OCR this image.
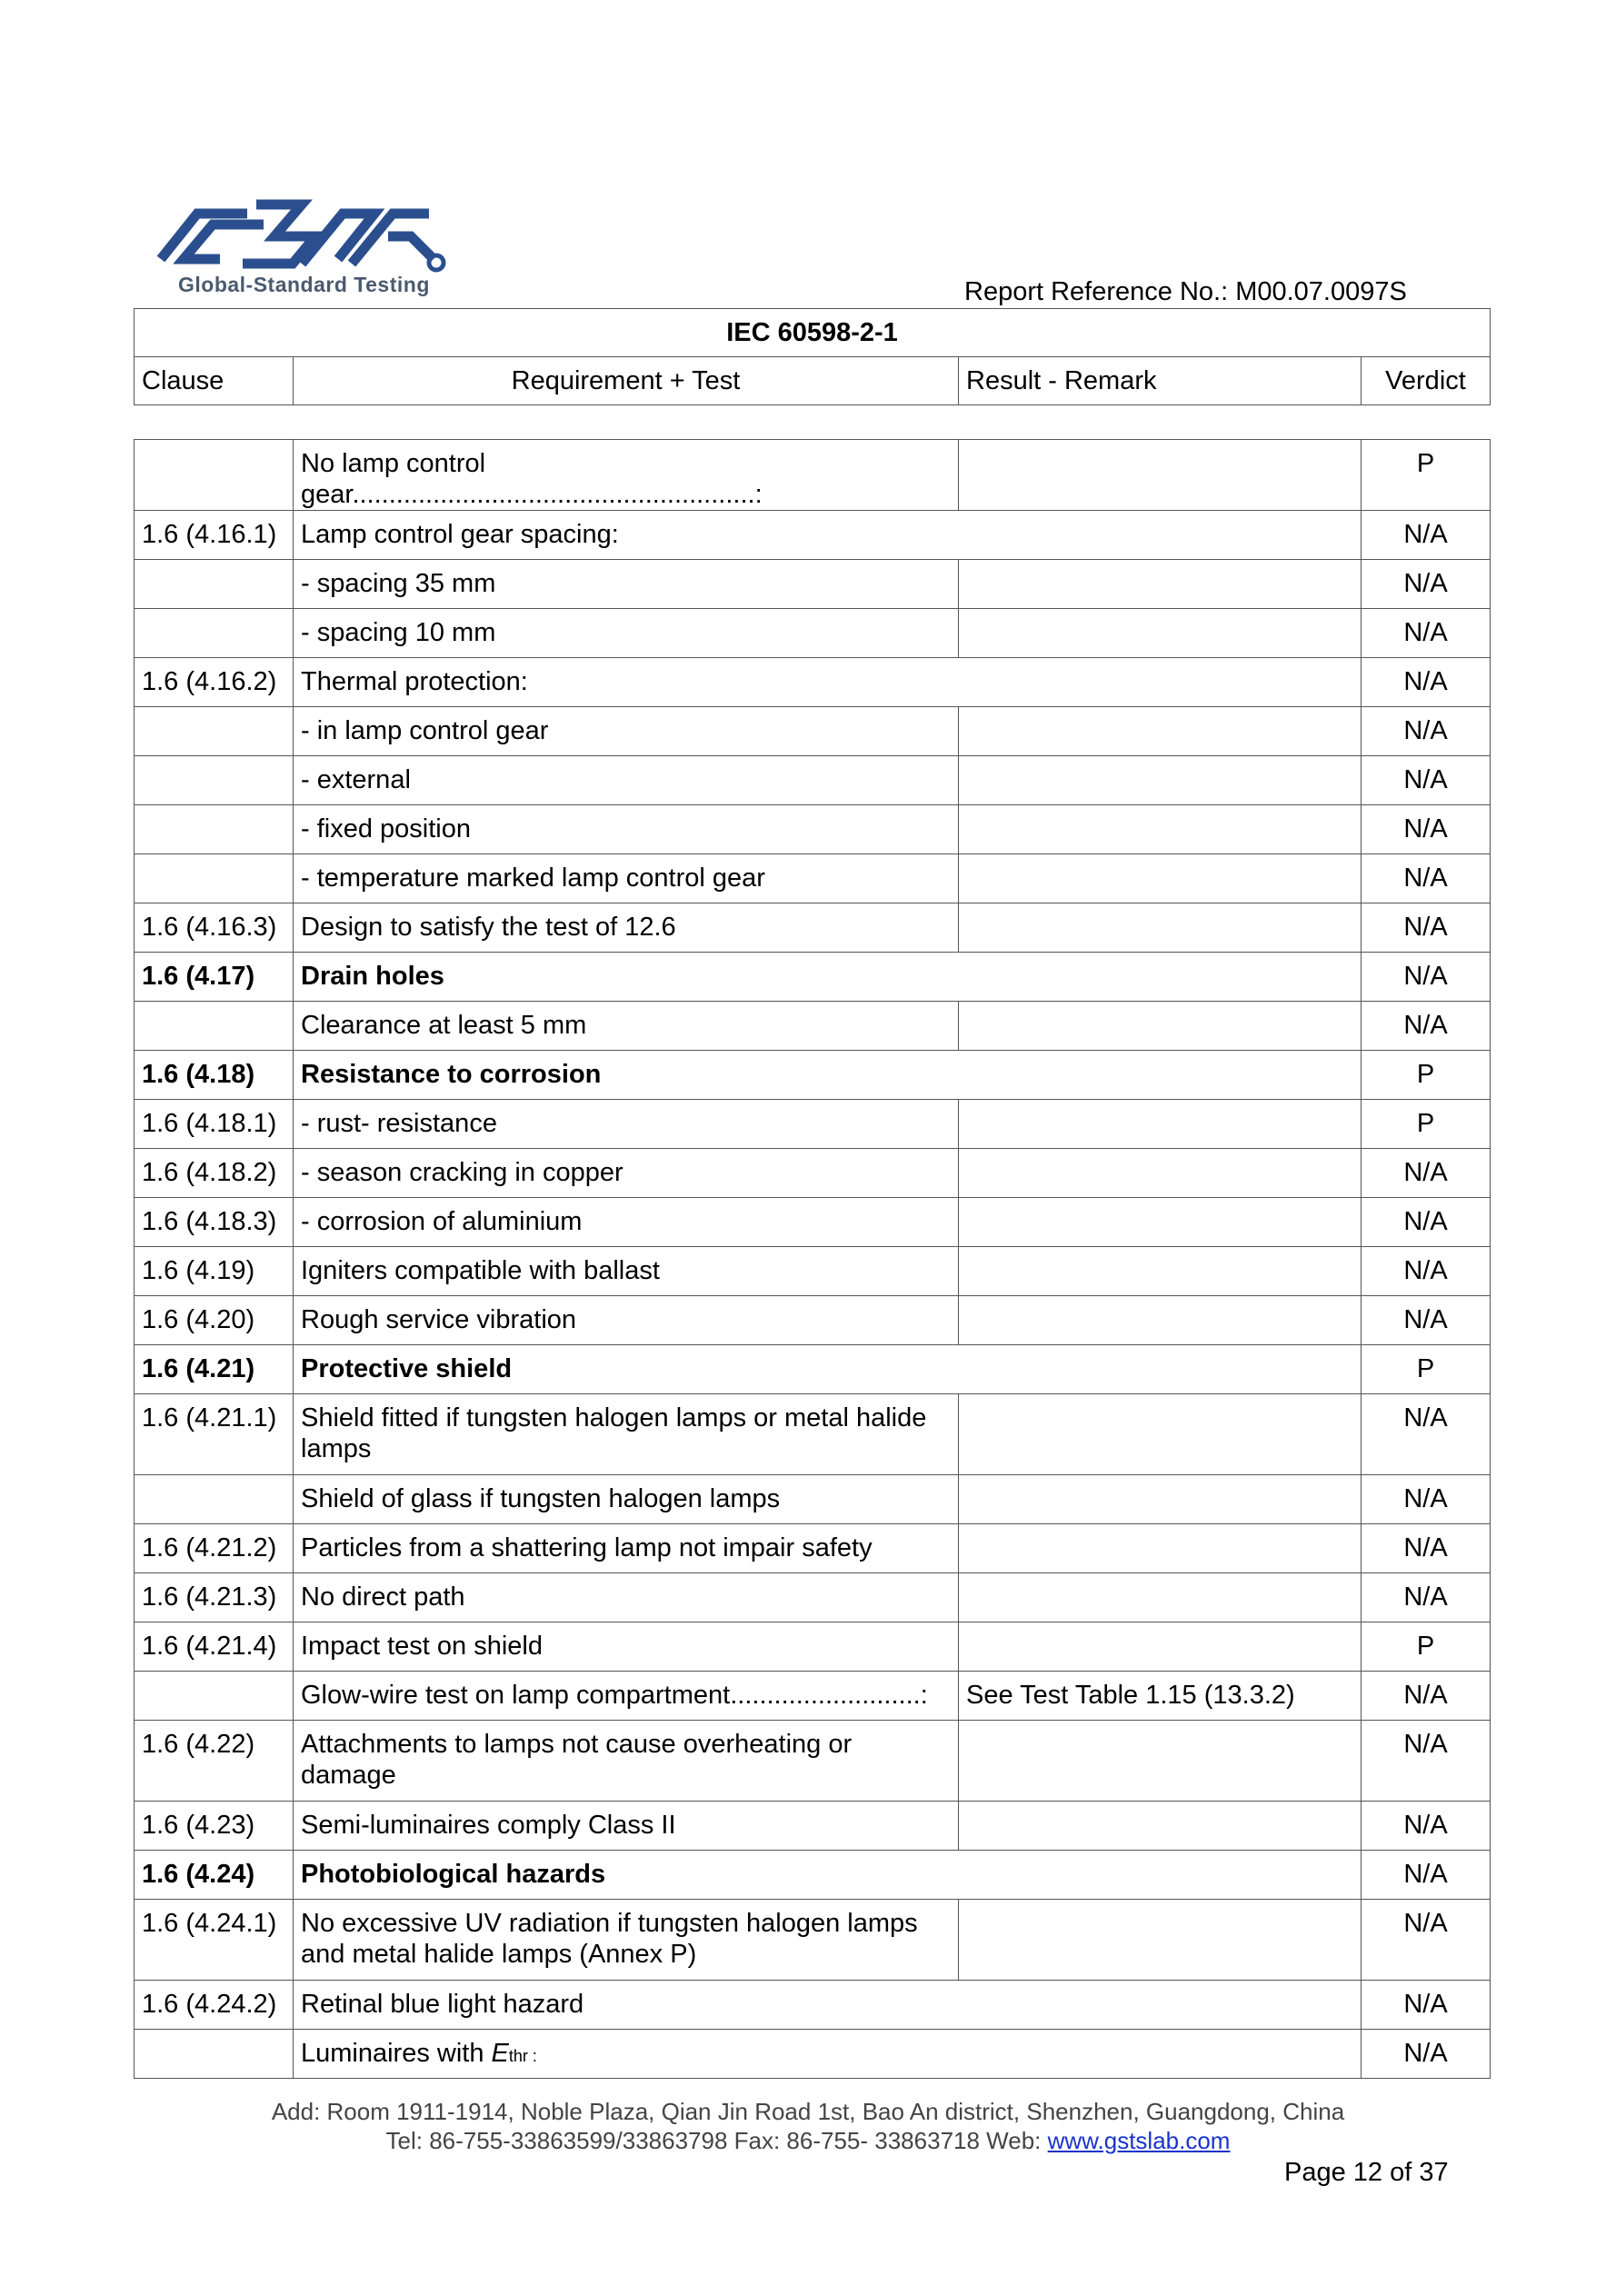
Global-Standard Testing	Report Reference No.: M00.07.0097S
IEC 60598-2-1
Clause	Requirement + Test	Result - Remark	Verdict
	No lamp control gear.......................................................:		P
1.6 (4.16.1)	Lamp control gear spacing:		N/A
	- spacing 35 mm		N/A
	- spacing 10 mm		N/A
1.6 (4.16.2)	Thermal protection:		N/A
	- in lamp control gear		N/A
	- external		N/A
	- fixed position		N/A
	- temperature marked lamp control gear		N/A
1.6 (4.16.3)	Design to satisfy the test of 12.6		N/A
1.6 (4.17)	Drain holes		N/A
	Clearance at least 5 mm		N/A
1.6 (4.18)	Resistance to corrosion		P
1.6 (4.18.1)	- rust- resistance		P
1.6 (4.18.2)	- season cracking in copper		N/A
1.6 (4.18.3)	- corrosion of aluminium		N/A
1.6 (4.19)	Igniters compatible with ballast		N/A
1.6 (4.20)	Rough service vibration		N/A
1.6 (4.21)	Protective shield		P
1.6 (4.21.1)	Shield fitted if tungsten halogen lamps or metal halide lamps		N/A
	Shield of glass if tungsten halogen lamps		N/A
1.6 (4.21.2)	Particles from a shattering lamp not impair safety		N/A
1.6 (4.21.3)	No direct path		N/A
1.6 (4.21.4)	Impact test on shield		P
	Glow-wire test on lamp compartment..........................:	See Test Table 1.15 (13.3.2)	N/A
1.6 (4.22)	Attachments to lamps not cause overheating or damage		N/A
1.6 (4.23)	Semi-luminaires comply Class II		N/A
1.6 (4.24)	Photobiological hazards		N/A
1.6 (4.24.1)	No excessive UV radiation if tungsten halogen lamps and metal halide lamps (Annex P)		N/A
1.6 (4.24.2)	Retinal blue light hazard		N/A
	Luminaires with Ethr :		N/A
Add: Room 1911-1914, Noble Plaza, Qian Jin Road 1st, Bao An district, Shenzhen, Guangdong, China
Tel: 86-755-33863599/33863798 Fax: 86-755- 33863718 Web: www.gstslab.com
Page 12 of 37
